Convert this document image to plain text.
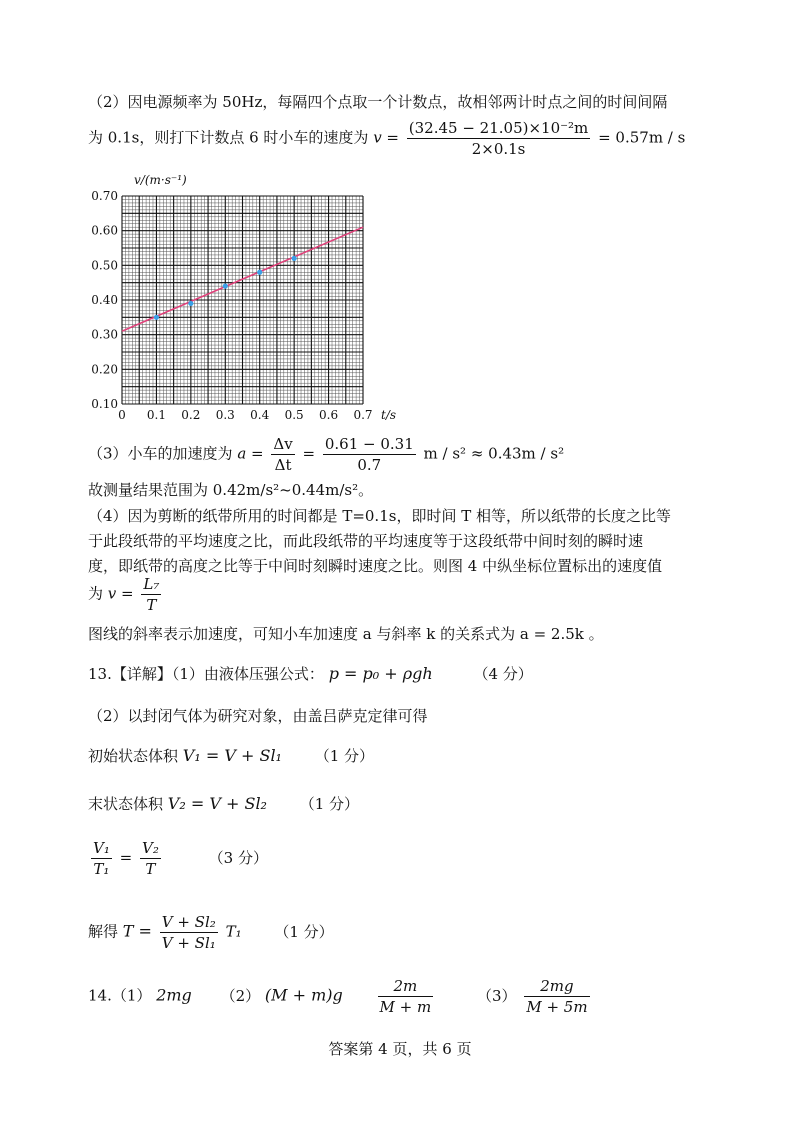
（2）因电源频率为 50Hz，每隔四个点取一个计数点，故相邻两计时点之间的时间间隔
为 0.1s，则打下计数点 6 时小车的速度为 $v = \frac{\text{(32.45 − 21.05)×10⁻²m}}{2\times 0.1s} = 0.57m / s$
0 0.1 0.2 0.3 0.4 0.5 0.6 0.7
0.10
0.20
0.30
0.40
0.50
0.60
0.70
v/(m·s⁻¹)
t/s
（3）小车的加速度为 $a = \frac{\Delta v}{\Delta t} = \frac{0.61 - 0.31}{0.7}$ m / s² ≈ 0.43m / s²
故测量结果范围为 0.42m/s²~0.44m/s²。
（4）因为剪断的纸带所用的时间都是 T=0.1s，即时间 T 相等，所以纸带的长度之比等
于此段纸带的平均速度之比，而此段纸带的平均速度等于这段纸带中间时刻的瞬时速
度，即纸带的高度之比等于中间时刻瞬时速度之比。则图 4 中纵坐标位置标出的速度值
为 $v = \frac{\text{L₇}}{T}$
图线的斜率表示加速度，可知小车加速度 a 与斜率 k 的关系式为 a = 2.5k 。
13.【详解】（1）由液体压强公式： p = p₀ + ρgh	（4 分）
（2）以封闭气体为研究对象，由盖吕萨克定律可得
初始状态体积 V₁ = V + Sl₁ （1 分）
末状态体积 V₂ = V + Sl₂ （1 分）
$\frac{\text{V₁}}{\text{T₁}} = \frac{\text{V₂}}{T}$	（3 分）
解得 $T = \frac{\text{V + Sl₂}}{\text{V + Sl₁}} T_1$ （1 分）
14.（1） 2mg （2） $(M + m)g \frac{2m}{M + m}$	$(3) \frac{2mg}{M + 5m}$
答案第 4 页，共 6 页
